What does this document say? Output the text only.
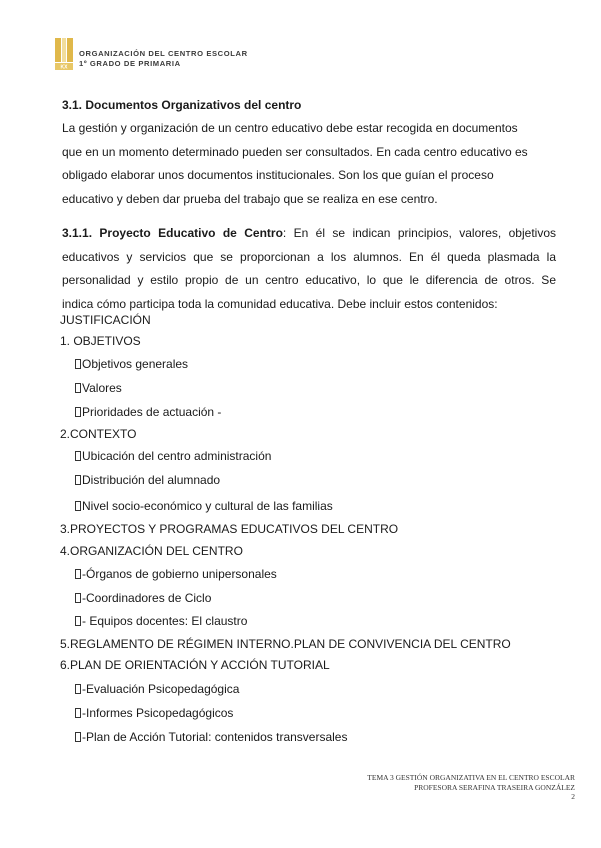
KX
ORGANIZACIÓN DEL CENTRO ESCOLAR
1º GRADO DE PRIMARIA
3.1. Documentos Organizativos del centro
La gestión y organización de un centro educativo debe estar recogida en documentos
que en un momento determinado pueden ser consultados. En cada centro educativo es
obligado elaborar unos documentos institucionales. Son los que guían el proceso
educativo y deben dar prueba del trabajo que se realiza en ese centro.
3.1.1. Proyecto Educativo de Centro: En él se indican principios, valores, objetivos
educativos y servicios que se proporcionan a los alumnos. En él queda plasmada la
personalidad y estilo propio de un centro educativo, lo que le diferencia de otros. Se
indica cómo participa toda la comunidad educativa. Debe incluir estos contenidos:
JUSTIFICACIÓN
1. OBJETIVOS
Objetivos generales
Valores
Prioridades de actuación -
2.CONTEXTO
Ubicación del centro administración
Distribución del alumnado
Nivel socio-económico y cultural de las familias
3.PROYECTOS Y PROGRAMAS EDUCATIVOS DEL CENTRO
4.ORGANIZACIÓN DEL CENTRO
-Órganos de gobierno unipersonales
-Coordinadores de Ciclo
- Equipos docentes: El claustro
5.REGLAMENTO DE RÉGIMEN INTERNO.PLAN DE CONVIVENCIA DEL CENTRO
6.PLAN DE ORIENTACIÓN Y ACCIÓN TUTORIAL
-Evaluación Psicopedagógica
-Informes Psicopedagógicos
-Plan de Acción Tutorial: contenidos transversales
TEMA 3 GESTIÓN ORGANIZATIVA EN EL CENTRO ESCOLAR
PROFESORA SERAFINA TRASEIRA GONZÁLEZ
2
